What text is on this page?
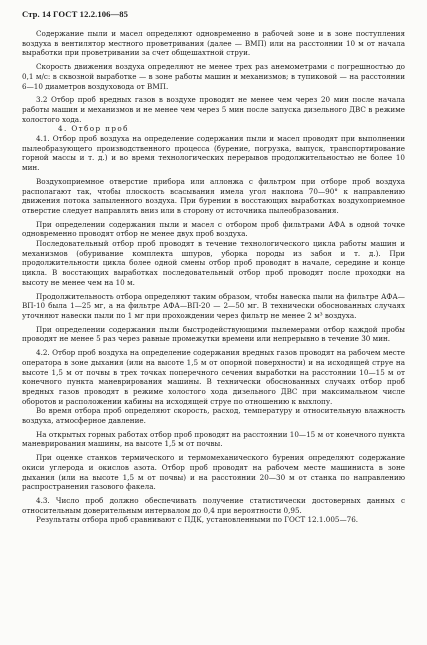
Стр. 14 ГОСТ 12.2.106—85

Содержание пыли и масел определяют одновременно в рабочей зоне и в зоне поступления воздуха в вентилятор местного проветривания (далее — ВМП) или на расстоянии 10 м от начала выработки при проветривании за счет общешахтной струи.

Скорость движения воздуха определяют не менее трех раз анемометрами с погрешностью до 0,1 м/с: в сквозной выработке — в зоне работы машин и механизмов; в тупиковой — на расстоянии 6—10 диаметров воздуховода от ВМП.

3.2 Отбор проб вредных газов в воздухе проводят не менее чем через 20 мин после начала работы машин и механизмов и не менее чем через 5 мин после запуска дизельного ДВС в режиме холостого хода.

4. Отбор проб

4.1. Отбор проб воздуха на определение содержания пыли и масел проводят при выполнении пылеобразующего производственного процесса (бурение, погрузка, выпуск, транспортирование горной массы и т. д.) и во время технологических перерывов продолжительностью не более 10 мин.

Воздухоприемное отверстие прибора или аллонжа с фильтром при отборе проб воздуха располагают так, чтобы плоскость всасывания имела угол наклона 70—90° к направлению движения потока запыленного воздуха. При бурении в восстающих выработках воздухоприемное отверстие следует направлять вниз или в сторону от источника пылеобразования.

При определении содержания пыли и масел с отбором проб фильтрами АФА в одной точке одновременно проводят отбор не менее двух проб воздуха.

Последовательный отбор проб проводят в течение технологического цикла работы машин и механизмов (обуривание комплекта шпуров, уборка породы из забоя и т. д.). При продолжительности цикла более одной смены отбор проб проводят в начале, середине и конце цикла. В восстающих выработках последовательный отбор проб проводят после проходки на высоту не менее чем на 10 м.

Продолжительность отбора определяют таким образом, чтобы навеска пыли на фильтре АФА—ВП-10 была 1—25 мг, а на фильтре АФА—ВП-20 — 2—50 мг. В технически обоснованных случаях уточняют навески пыли по 1 мг при прохождении через фильтр не менее 2 м³ воздуха.

При определении содержания пыли быстродействующими пылемерами отбор каждой пробы проводят не менее 5 раз через равные промежутки времени или непрерывно в течение 30 мин.

4.2. Отбор проб воздуха на определение содержания вредных газов проводят на рабочем месте оператора в зоне дыхания (или на высоте 1,5 м от опорной поверхности) и на исходящей струе на высоте 1,5 м от почвы в трех точках поперечного сечения выработки на расстоянии 10—15 м от конечного пункта маневрирования машины. В технически обоснованных случаях отбор проб вредных газов проводят в режиме холостого хода дизельного ДВС при максимальном числе оборотов и расположении кабины на исходящей струе по отношению к выхлопу.

Во время отбора проб определяют скорость, расход, температуру и относительную влажность воздуха, атмосферное давление.

На открытых горных работах отбор проб проводят на расстоянии 10—15 м от конечного пункта маневрирования машины, на высоте 1,5 м от почвы.

При оценке станков термического и термомеханического бурения определяют содержание окиси углерода и окислов азота. Отбор проб проводят на рабочем месте машиниста в зоне дыхания (или на высоте 1,5 м от почвы) и на расстоянии 20—30 м от станка по направлению распространения газового факела.

4.3. Число проб должно обеспечивать получение статистически достоверных данных с относительным доверительным интервалом до 0,4 при вероятности 0,95.

Результаты отбора проб сравнивают с ПДК, установленными по ГОСТ 12.1.005—76.
